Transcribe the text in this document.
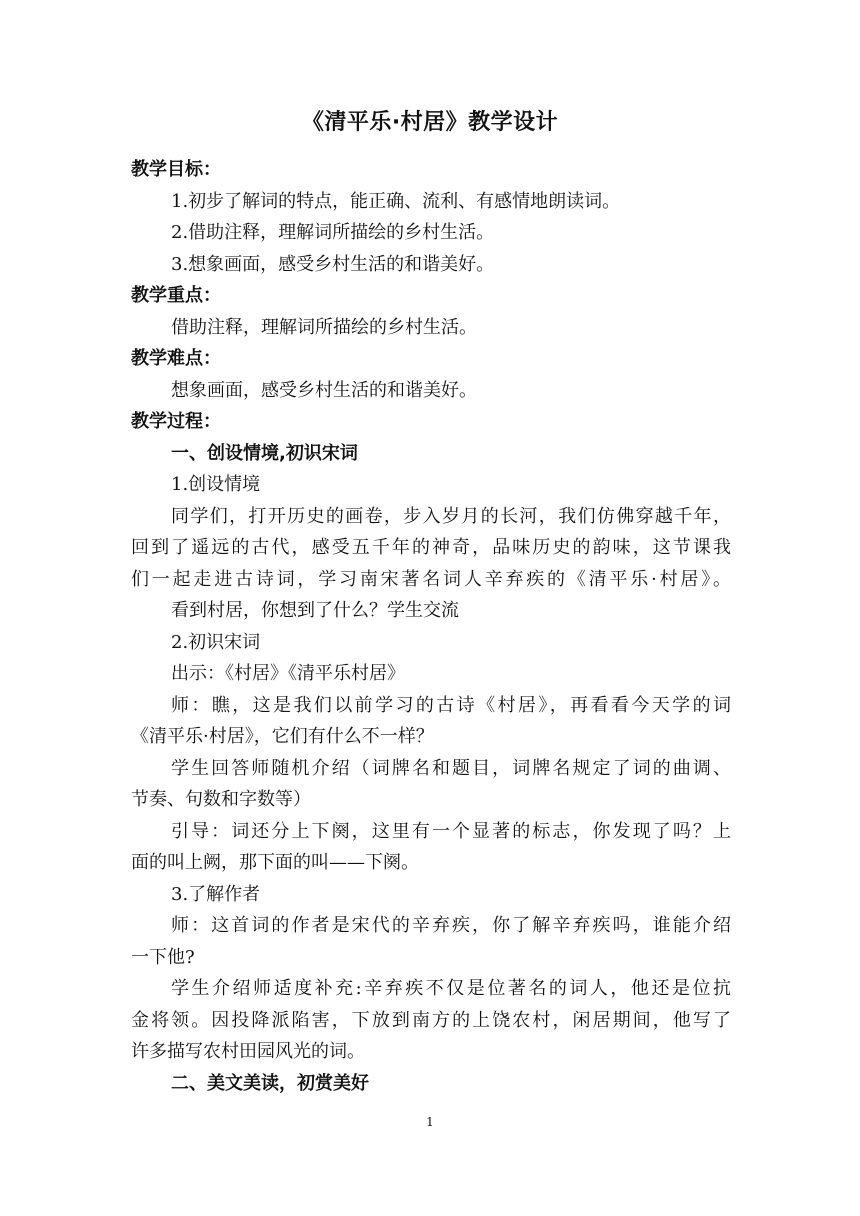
《清平乐·村居》教学设计
教学目标：
1.初步了解词的特点，能正确、流利、有感情地朗读词。
2.借助注释，理解词所描绘的乡村生活。
3.想象画面，感受乡村生活的和谐美好。
教学重点：
借助注释，理解词所描绘的乡村生活。
教学难点：
想象画面，感受乡村生活的和谐美好。
教学过程：
一、创设情境,初识宋词
1.创设情境
同学们，打开历史的画卷，步入岁月的长河，我们仿佛穿越千年，
回到了遥远的古代，感受五千年的神奇，品味历史的韵味，这节课我
们一起走进古诗词，学习南宋著名词人辛弃疾的《清平乐·村居》。
看到村居，你想到了什么？学生交流
2.初识宋词
出示：《村居》《清平乐村居》
师：瞧，这是我们以前学习的古诗《村居》，再看看今天学的词
《清平乐·村居》，它们有什么不一样？
学生回答师随机介绍（词牌名和题目，词牌名规定了词的曲调、
节奏、句数和字数等）
引导：词还分上下阕，这里有一个显著的标志，你发现了吗？上
面的叫上阙，那下面的叫——下阕。
3.了解作者
师：这首词的作者是宋代的辛弃疾，你了解辛弃疾吗，谁能介绍
一下他?
学生介绍师适度补充:辛弃疾不仅是位著名的词人，他还是位抗
金将领。因投降派陷害，下放到南方的上饶农村，闲居期间，他写了
许多描写农村田园风光的词。
二、美文美读，初赏美好
1
